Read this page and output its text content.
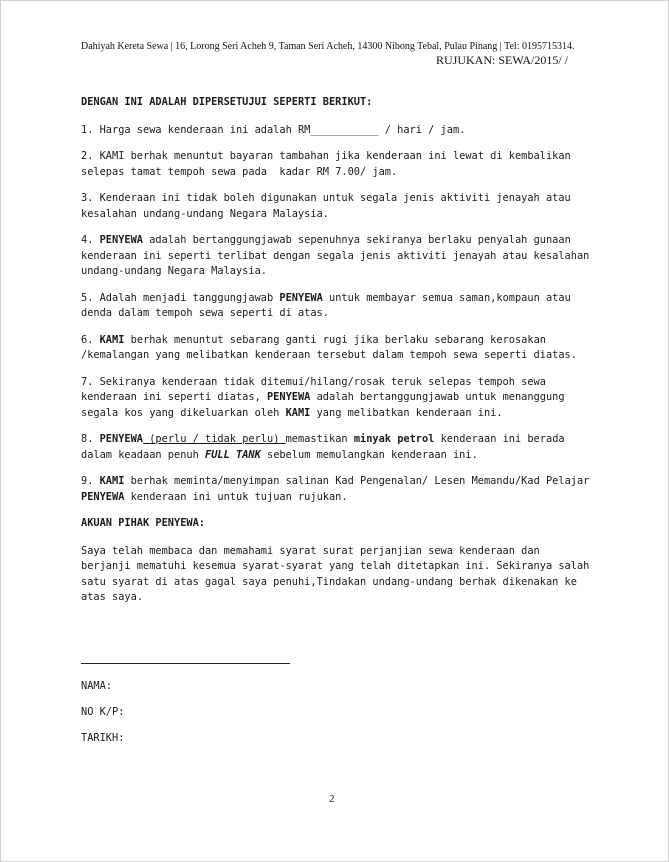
Dahiyah Kereta Sewa | 16, Lorong Seri Acheh 9, Taman Seri Acheh, 14300 Nibong Tebal, Pulau Pinang | Tel: 0195715314.
RUJUKAN: SEWA/2015/ /

DENGAN INI ADALAH DIPERSETUJUI SEPERTI BERIKUT:

1. Harga sewa kenderaan ini adalah RM___________ / hari / jam.

2. KAMI berhak menuntut bayaran tambahan jika kenderaan ini lewat di kembalikan selepas tamat tempoh sewa pada  kadar RM 7.00/ jam.

3. Kenderaan ini tidak boleh digunakan untuk segala jenis aktiviti jenayah atau kesalahan undang-undang Negara Malaysia.

4. PENYEWA adalah bertanggungjawab sepenuhnya sekiranya berlaku penyalah gunaan kenderaan ini seperti terlibat dengan segala jenis aktiviti jenayah atau kesalahan undang-undang Negara Malaysia.

5. Adalah menjadi tanggungjawab PENYEWA untuk membayar semua saman,kompaun atau denda dalam tempoh sewa seperti di atas.

6. KAMI berhak menuntut sebarang ganti rugi jika berlaku sebarang kerosakan /kemalangan yang melibatkan kenderaan tersebut dalam tempoh sewa seperti diatas.

7. Sekiranya kenderaan tidak ditemui/hilang/rosak teruk selepas tempoh sewa kenderaan ini seperti diatas, PENYEWA adalah bertanggungjawab untuk menanggung segala kos yang dikeluarkan oleh KAMI yang melibatkan kenderaan ini.

8. PENYEWA (perlu / tidak perlu) memastikan minyak petrol kenderaan ini berada dalam keadaan penuh FULL TANK sebelum memulangkan kenderaan ini.

9. KAMI berhak meminta/menyimpan salinan Kad Pengenalan/ Lesen Memandu/Kad Pelajar PENYEWA kenderaan ini untuk tujuan rujukan.

AKUAN PIHAK PENYEWA:

Saya telah membaca dan memahami syarat surat perjanjian sewa kenderaan dan berjanji mematuhi kesemua syarat-syarat yang telah ditetapkan ini. Sekiranya salah satu syarat di atas gagal saya penuhi,Tindakan undang-undang berhak dikenakan ke atas saya.

NAMA:
NO K/P:
TARIKH:
2
